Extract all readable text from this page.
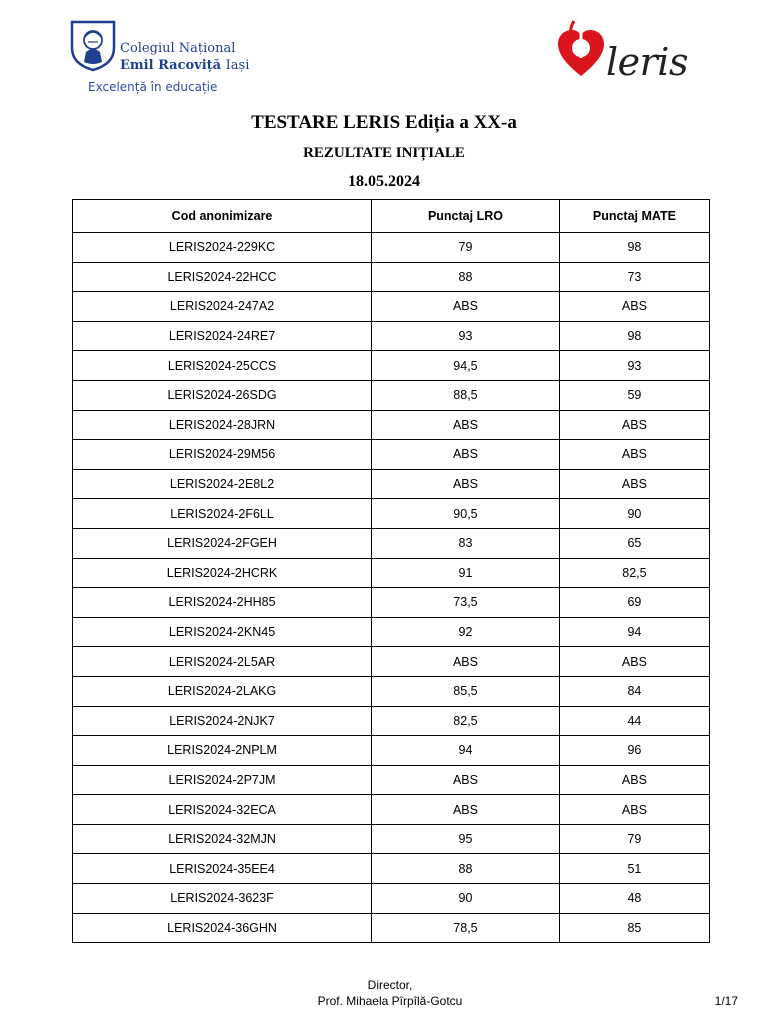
Colegiul Național
Emil Racoviță Iași
Excelență în educație
leris
TESTARE LERIS Ediția a XX-a
REZULTATE INIȚIALE
18.05.2024
Cod anonimizare	Punctaj LRO	Punctaj MATE
LERIS2024-229KC	79	98
LERIS2024-22HCC	88	73
LERIS2024-247A2	ABS	ABS
LERIS2024-24RE7	93	98
LERIS2024-25CCS	94,5	93
LERIS2024-26SDG	88,5	59
LERIS2024-28JRN	ABS	ABS
LERIS2024-29M56	ABS	ABS
LERIS2024-2E8L2	ABS	ABS
LERIS2024-2F6LL	90,5	90
LERIS2024-2FGEH	83	65
LERIS2024-2HCRK	91	82,5
LERIS2024-2HH85	73,5	69
LERIS2024-2KN45	92	94
LERIS2024-2L5AR	ABS	ABS
LERIS2024-2LAKG	85,5	84
LERIS2024-2NJK7	82,5	44
LERIS2024-2NPLM	94	96
LERIS2024-2P7JM	ABS	ABS
LERIS2024-32ECA	ABS	ABS
LERIS2024-32MJN	95	79
LERIS2024-35EE4	88	51
LERIS2024-3623F	90	48
LERIS2024-36GHN	78,5	85
Director,
Prof. Mihaela Pîrpîlă-Gotcu	1/17
